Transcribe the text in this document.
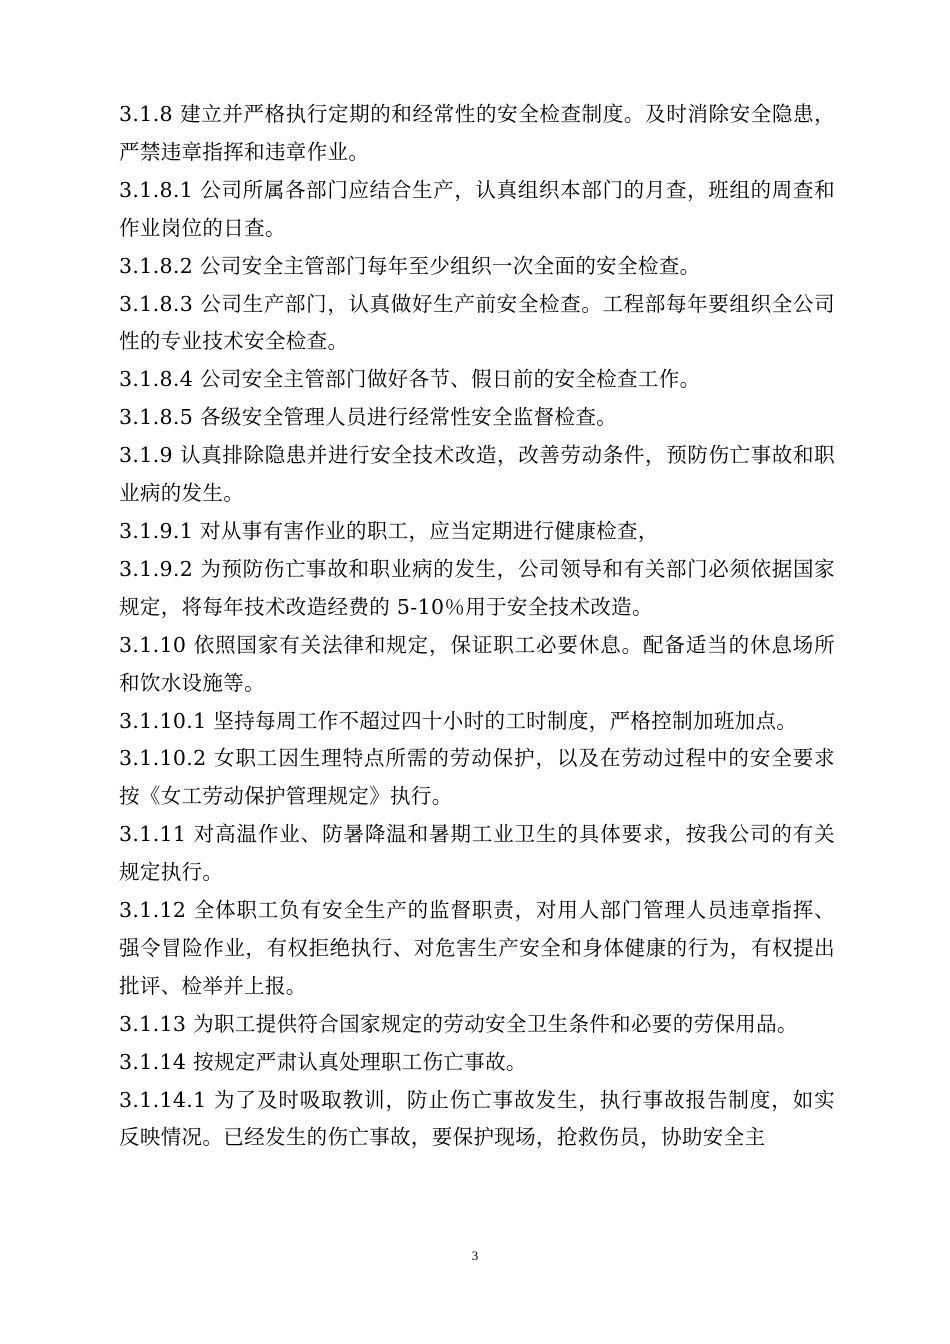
3.1.8 建立并严格执行定期的和经常性的安全检查制度。及时消除安全隐患，严禁违章指挥和违章作业。

3.1.8.1 公司所属各部门应结合生产，认真组织本部门的月查，班组的周查和作业岗位的日查。

3.1.8.2 公司安全主管部门每年至少组织一次全面的安全检查。

3.1.8.3 公司生产部门，认真做好生产前安全检查。工程部每年要组织全公司性的专业技术安全检查。

3.1.8.4 公司安全主管部门做好各节、假日前的安全检查工作。

3.1.8.5 各级安全管理人员进行经常性安全监督检查。

3.1.9 认真排除隐患并进行安全技术改造，改善劳动条件，预防伤亡事故和职业病的发生。

3.1.9.1 对从事有害作业的职工，应当定期进行健康检查，

3.1.9.2 为预防伤亡事故和职业病的发生，公司领导和有关部门必须依据国家规定，将每年技术改造经费的 5-10％用于安全技术改造。

3.1.10 依照国家有关法律和规定，保证职工必要休息。配备适当的休息场所和饮水设施等。

3.1.10.1 坚持每周工作不超过四十小时的工时制度，严格控制加班加点。

3.1.10.2 女职工因生理特点所需的劳动保护，以及在劳动过程中的安全要求按《女工劳动保护管理规定》执行。

3.1.11 对高温作业、防暑降温和暑期工业卫生的具体要求，按我公司的有关规定执行。

3.1.12 全体职工负有安全生产的监督职责，对用人部门管理人员违章指挥、强令冒险作业，有权拒绝执行、对危害生产安全和身体健康的行为，有权提出批评、检举并上报。

3.1.13 为职工提供符合国家规定的劳动安全卫生条件和必要的劳保用品。

3.1.14 按规定严肃认真处理职工伤亡事故。

3.1.14.1 为了及时吸取教训，防止伤亡事故发生，执行事故报告制度，如实反映情况。已经发生的伤亡事故，要保护现场，抢救伤员，协助安全主

3
